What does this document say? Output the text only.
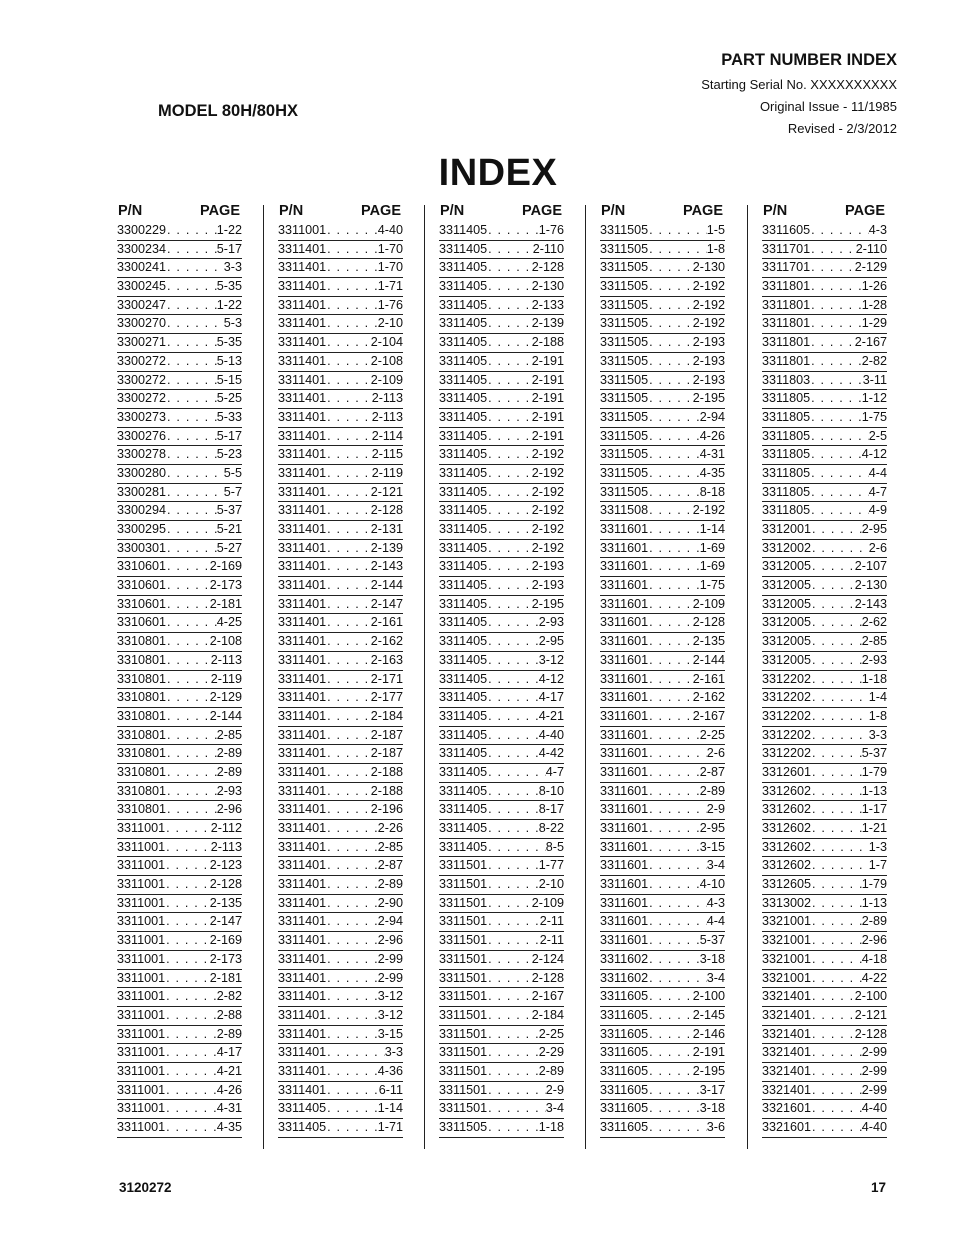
PART NUMBER INDEX
Starting Serial No. XXXXXXXXXX
Original Issue - 11/1985
Revised - 2/3/2012
MODEL 80H/80HX
INDEX
P/N	PAGE
3300229 . . .	1-22
3300234 . . .	5-17
3300241 . . .	3-3
3300245 . . .	5-35
3300247 . . .	1-22
3300270 . . .	5-3
3300271 . . .	5-35
3300272 . . .	5-13
3300272 . . .	5-15
3300272 . . .	5-25
3300273 . . .	5-33
3300276 . . .	5-17
3300278 . . .	5-23
3300280 . . .	5-5
3300281 . . .	5-7
3300294 . . .	5-37
3300295 . . .	5-21
3300301 . . .	5-27
3310601 . . .	2-169
3310601 . . .	2-173
3310601 . . .	2-181
3310601 . . .	4-25
3310801 . . .	2-108
3310801 . . .	2-113
3310801 . . .	2-119
3310801 . . .	2-129
3310801 . . .	2-144
3310801 . . .	2-85
3310801 . . .	2-89
3310801 . . .	2-89
3310801 . . .	2-93
3310801 . . .	2-96
3311001 . . .	2-112
3311001 . . .	2-113
3311001 . . .	2-123
3311001 . . .	2-128
3311001 . . .	2-135
3311001 . . .	2-147
3311001 . . .	2-169
3311001 . . .	2-173
3311001 . . .	2-181
3311001 . . .	2-82
3311001 . . .	2-88
3311001 . . .	2-89
3311001 . . .	4-17
3311001 . . .	4-21
3311001 . . .	4-26
3311001 . . .	4-31
3311001 . . .	4-35
P/N	PAGE
3311001 . . .	4-40
3311401 . . .	1-70
3311401 . . .	1-70
3311401 . . .	1-71
3311401 . . .	1-76
3311401 . . .	2-10
3311401 . . .	2-104
3311401 . . .	2-108
3311401 . . .	2-109
3311401 . . .	2-113
3311401 . . .	2-113
3311401 . . .	2-114
3311401 . . .	2-115
3311401 . . .	2-119
3311401 . . .	2-121
3311401 . . .	2-128
3311401 . . .	2-131
3311401 . . .	2-139
3311401 . . .	2-143
3311401 . . .	2-144
3311401 . . .	2-147
3311401 . . .	2-161
3311401 . . .	2-162
3311401 . . .	2-163
3311401 . . .	2-171
3311401 . . .	2-177
3311401 . . .	2-184
3311401 . . .	2-187
3311401 . . .	2-187
3311401 . . .	2-188
3311401 . . .	2-188
3311401 . . .	2-196
3311401 . . .	2-26
3311401 . . .	2-85
3311401 . . .	2-87
3311401 . . .	2-89
3311401 . . .	2-90
3311401 . . .	2-94
3311401 . . .	2-96
3311401 . . .	2-99
3311401 . . .	2-99
3311401 . . .	3-12
3311401 . . .	3-12
3311401 . . .	3-15
3311401 . . .	3-3
3311401 . . .	4-36
3311401 . . .	6-11
3311405 . . .	1-14
3311405 . . .	1-71
P/N	PAGE
3311405 . . .	1-76
3311405 . . .	2-110
3311405 . . .	2-128
3311405 . . .	2-130
3311405 . . .	2-133
3311405 . . .	2-139
3311405 . . .	2-188
3311405 . . .	2-191
3311405 . . .	2-191
3311405 . . .	2-191
3311405 . . .	2-191
3311405 . . .	2-191
3311405 . . .	2-192
3311405 . . .	2-192
3311405 . . .	2-192
3311405 . . .	2-192
3311405 . . .	2-192
3311405 . . .	2-192
3311405 . . .	2-193
3311405 . . .	2-193
3311405 . . .	2-195
3311405 . . .	2-93
3311405 . . .	2-95
3311405 . . .	3-12
3311405 . . .	4-12
3311405 . . .	4-17
3311405 . . .	4-21
3311405 . . .	4-40
3311405 . . .	4-42
3311405 . . .	4-7
3311405 . . .	8-10
3311405 . . .	8-17
3311405 . . .	8-22
3311405 . . .	8-5
3311501 . . .	1-77
3311501 . . .	2-10
3311501 . . .	2-109
3311501 . . .	2-11
3311501 . . .	2-11
3311501 . . .	2-124
3311501 . . .	2-128
3311501 . . .	2-167
3311501 . . .	2-184
3311501 . . .	2-25
3311501 . . .	2-29
3311501 . . .	2-89
3311501 . . .	2-9
3311501 . . .	3-4
3311505 . . .	1-18
P/N	PAGE
3311505 . . .	1-5
3311505 . . .	1-8
3311505 . . .	2-130
3311505 . . .	2-192
3311505 . . .	2-192
3311505 . . .	2-192
3311505 . . .	2-193
3311505 . . .	2-193
3311505 . . .	2-193
3311505 . . .	2-195
3311505 . . .	2-94
3311505 . . .	4-26
3311505 . . .	4-31
3311505 . . .	4-35
3311505 . . .	8-18
3311508 . . .	2-192
3311601 . . .	1-14
3311601 . . .	1-69
3311601 . . .	1-69
3311601 . . .	1-75
3311601 . . .	2-109
3311601 . . .	2-128
3311601 . . .	2-135
3311601 . . .	2-144
3311601 . . .	2-161
3311601 . . .	2-162
3311601 . . .	2-167
3311601 . . .	2-25
3311601 . . .	2-6
3311601 . . .	2-87
3311601 . . .	2-89
3311601 . . .	2-9
3311601 . . .	2-95
3311601 . . .	3-15
3311601 . . .	3-4
3311601 . . .	4-10
3311601 . . .	4-3
3311601 . . .	4-4
3311601 . . .	5-37
3311602 . . .	3-18
3311602 . . .	3-4
3311605 . . .	2-100
3311605 . . .	2-145
3311605 . . .	2-146
3311605 . . .	2-191
3311605 . . .	2-195
3311605 . . .	3-17
3311605 . . .	3-18
3311605 . . .	3-6
P/N	PAGE
3311605 . . .	4-3
3311701 . . .	2-110
3311701 . . .	2-129
3311801 . . .	1-26
3311801 . . .	1-28
3311801 . . .	1-29
3311801 . . .	2-167
3311801 . . .	2-82
3311803 . . .	3-11
3311805 . . .	1-12
3311805 . . .	1-75
3311805 . . .	2-5
3311805 . . .	4-12
3311805 . . .	4-4
3311805 . . .	4-7
3311805 . . .	4-9
3312001 . . .	2-95
3312002 . . .	2-6
3312005 . . .	2-107
3312005 . . .	2-130
3312005 . . .	2-143
3312005 . . .	2-62
3312005 . . .	2-85
3312005 . . .	2-93
3312202 . . .	1-18
3312202 . . .	1-4
3312202 . . .	1-8
3312202 . . .	3-3
3312202 . . .	5-37
3312601 . . .	1-79
3312602 . . .	1-13
3312602 . . .	1-17
3312602 . . .	1-21
3312602 . . .	1-3
3312602 . . .	1-7
3312605 . . .	1-79
3313002 . . .	1-13
3321001 . . .	2-89
3321001 . . .	2-96
3321001 . . .	4-18
3321001 . . .	4-22
3321401 . . .	2-100
3321401 . . .	2-121
3321401 . . .	2-128
3321401 . . .	2-99
3321401 . . .	2-99
3321401 . . .	2-99
3321601 . . .	4-40
3321601 . . .	4-40
3120272	17
